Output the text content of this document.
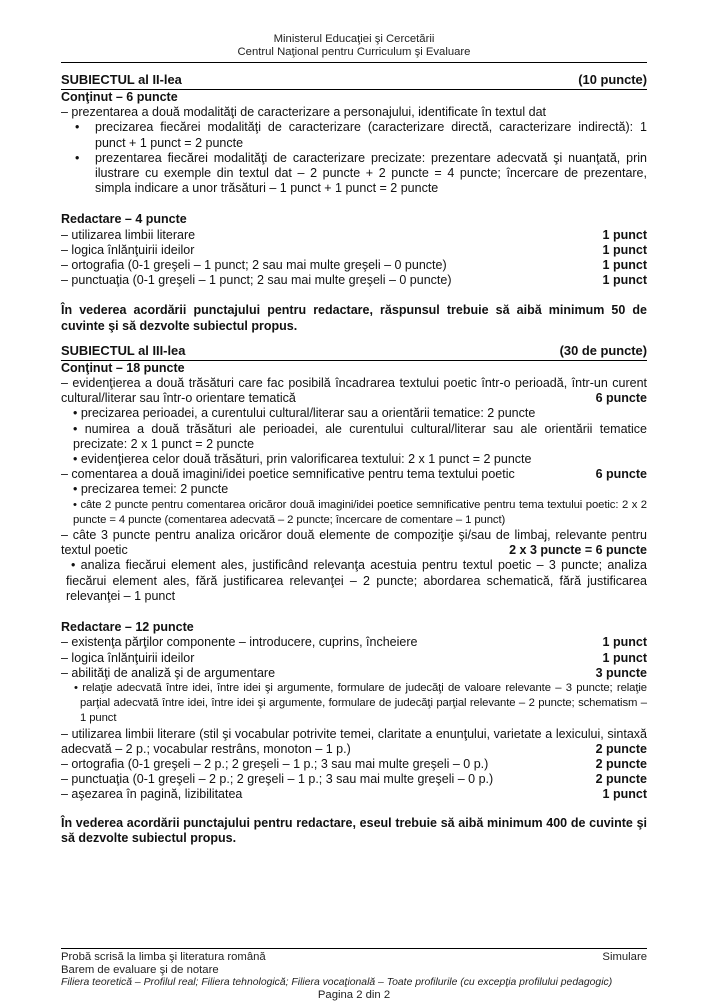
Ministerul Educaţiei şi Cercetării
Centrul Naţional pentru Curriculum şi Evaluare
SUBIECTUL al II-lea	(10 puncte)
Conţinut – 6 puncte
– prezentarea a două modalităţi de caracterizare a personajului, identificate în textul dat
• precizarea fiecărei modalităţi de caracterizare (caracterizare directă, caracterizare indirectă): 1 punct + 1 punct = 2 puncte
• prezentarea fiecărei modalităţi de caracterizare precizate: prezentare adecvată şi nuanţată, prin ilustrare cu exemple din textul dat – 2 puncte + 2 puncte = 4 puncte; încercare de prezentare, simpla indicare a unor trăsături – 1 punct + 1 punct = 2 puncte
Redactare – 4 puncte
– utilizarea limbii literare	1 punct
– logica înlănţuirii ideilor	1 punct
– ortografia (0-1 greşeli – 1 punct; 2 sau mai multe greşeli – 0 puncte)	1 punct
– punctuaţia (0-1 greşeli – 1 punct; 2 sau mai multe greşeli – 0 puncte)	1 punct
În vederea acordării punctajului pentru redactare, răspunsul trebuie să aibă minimum 50 de cuvinte şi să dezvolte subiectul propus.
SUBIECTUL al III-lea	(30 de puncte)
Conţinut – 18 puncte
– evidenţierea a două trăsături care fac posibilă încadrarea textului poetic într-o perioadă, într-un curent cultural/literar sau într-o orientare tematică	6 puncte
• precizarea perioadei, a curentului cultural/literar sau a orientării tematice: 2 puncte
• numirea a două trăsături ale perioadei, ale curentului cultural/literar sau ale orientării tematice precizate: 2 x 1 punct = 2 puncte
• evidenţierea celor două trăsături, prin valorificarea textului: 2 x 1 punct = 2 puncte
– comentarea a două imagini/idei poetice semnificative pentru tema textului poetic	6 puncte
• precizarea temei: 2 puncte
• câte 2 puncte pentru comentarea oricăror două imagini/idei poetice semnificative pentru tema textului poetic: 2 x 2 puncte = 4 puncte (comentarea adecvată – 2 puncte; încercare de comentare – 1 punct)
– câte 3 puncte pentru analiza oricăror două elemente de compoziţie şi/sau de limbaj, relevante pentru textul poetic	2 x 3 puncte = 6 puncte
• analiza fiecărui element ales, justificând relevanţa acestuia pentru textul poetic – 3 puncte; analiza fiecărui element ales, fără justificarea relevanţei – 2 puncte; abordarea schematică, fără justificarea relevanţei – 1 punct
Redactare – 12 puncte
– existenţa părţilor componente – introducere, cuprins, încheiere	1 punct
– logica înlănţuirii ideilor	1 punct
– abilităţi de analiză şi de argumentare	3 puncte
• relaţie adecvată între idei, între idei şi argumente, formulare de judecăţi de valoare relevante – 3 puncte; relaţie parţial adecvată între idei, între idei şi argumente, formulare de judecăţi parţial relevante – 2 puncte; schematism – 1 punct
– utilizarea limbii literare (stil şi vocabular potrivite temei, claritate a enunţului, varietate a lexicului, sintaxă adecvată – 2 p.; vocabular restrâns, monoton – 1 p.)	2 puncte
– ortografia (0-1 greşeli – 2 p.; 2 greşeli – 1 p.; 3 sau mai multe greşeli – 0 p.)	2 puncte
– punctuaţia (0-1 greşeli – 2 p.; 2 greşeli – 1 p.; 3 sau mai multe greşeli – 0 p.)	2 puncte
– aşezarea în pagină, lizibilitatea	1 punct
În vederea acordării punctajului pentru redactare, eseul trebuie să aibă minimum 400 de cuvinte şi să dezvolte subiectul propus.
Probă scrisă la limba şi literatura română	Simulare
Barem de evaluare şi de notare
Filiera teoretică – Profilul real; Filiera tehnologică; Filiera vocaţională – Toate profilurile (cu excepţia profilului pedagogic)
Pagina 2 din 2
